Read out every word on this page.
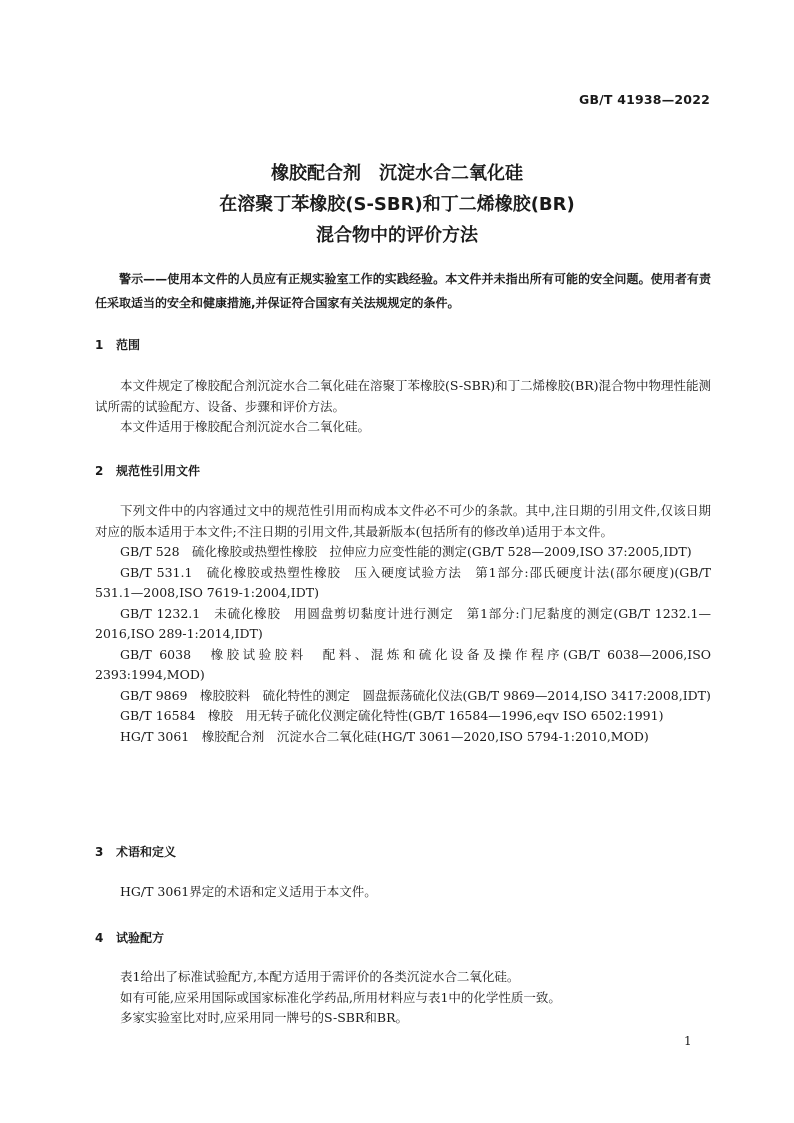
GB/T 41938—2022
橡胶配合剂　沉淀水合二氧化硅
在溶聚丁苯橡胶(S-SBR)和丁二烯橡胶(BR)
混合物中的评价方法
警示——使用本文件的人员应有正规实验室工作的实践经验。本文件并未指出所有可能的安全问题。使用者有责任采取适当的安全和健康措施,并保证符合国家有关法规规定的条件。
1 范围

本文件规定了橡胶配合剂沉淀水合二氧化硅在溶聚丁苯橡胶(S-SBR)和丁二烯橡胶(BR)混合物中物理性能测试所需的试验配方、设备、步骤和评价方法。

本文件适用于橡胶配合剂沉淀水合二氧化硅。

2 规范性引用文件

下列文件中的内容通过文中的规范性引用而构成本文件必不可少的条款。其中,注日期的引用文件,仅该日期对应的版本适用于本文件;不注日期的引用文件,其最新版本(包括所有的修改单)适用于本文件。

GB/T 528　硫化橡胶或热塑性橡胶　拉伸应力应变性能的测定(GB/T 528—2009,ISO 37:2005,IDT)

GB/T 531.1　硫化橡胶或热塑性橡胶　压入硬度试验方法　第1部分:邵氏硬度计法(邵尔硬度)(GB/T 531.1—2008,ISO 7619-1:2004,IDT)

GB/T 1232.1　未硫化橡胶　用圆盘剪切黏度计进行测定　第1部分:门尼黏度的测定(GB/T 1232.1—2016,ISO 289-1:2014,IDT)

GB/T 6038　橡胶试验胶料　配料、混炼和硫化设备及操作程序(GB/T 6038—2006,ISO 2393:1994,MOD)

GB/T 9869　橡胶胶料　硫化特性的测定　圆盘振荡硫化仪法(GB/T 9869—2014,ISO 3417:2008,IDT)

GB/T 16584　橡胶　用无转子硫化仪测定硫化特性(GB/T 16584—1996,eqv ISO 6502:1991)

HG/T 3061　橡胶配合剂　沉淀水合二氧化硅(HG/T 3061—2020,ISO 5794-1:2010,MOD)

3 术语和定义

HG/T 3061界定的术语和定义适用于本文件。

4 试验配方

表1给出了标准试验配方,本配方适用于需评价的各类沉淀水合二氧化硅。

如有可能,应采用国际或国家标准化学药品,所用材料应与表1中的化学性质一致。

多家实验室比对时,应采用同一牌号的S-SBR和BR。

1
